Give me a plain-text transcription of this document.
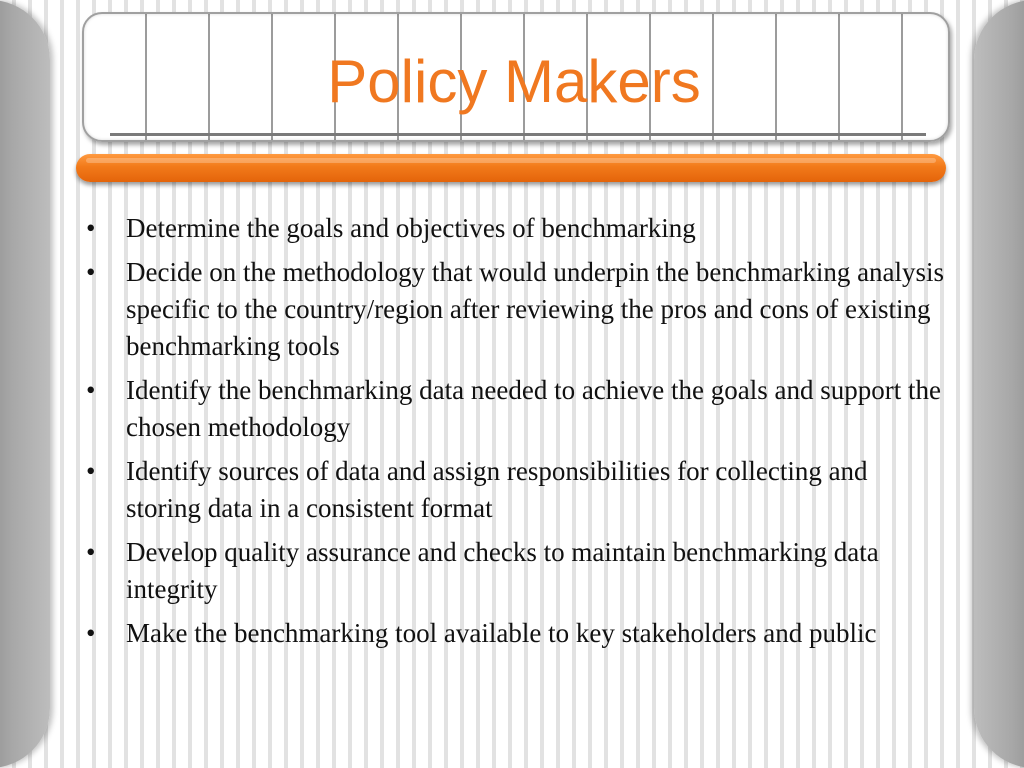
Policy Makers
• Determine the goals and objectives of benchmarking
• Decide on the methodology that would underpin the benchmarking analysis specific to the country/region after reviewing the pros and cons of existing benchmarking tools
• Identify the benchmarking data needed to achieve the goals and support the chosen methodology
• Identify sources of data and assign responsibilities for collecting and storing data in a consistent format
• Develop quality assurance and checks to maintain benchmarking data integrity
• Make the benchmarking tool available to key stakeholders and public
